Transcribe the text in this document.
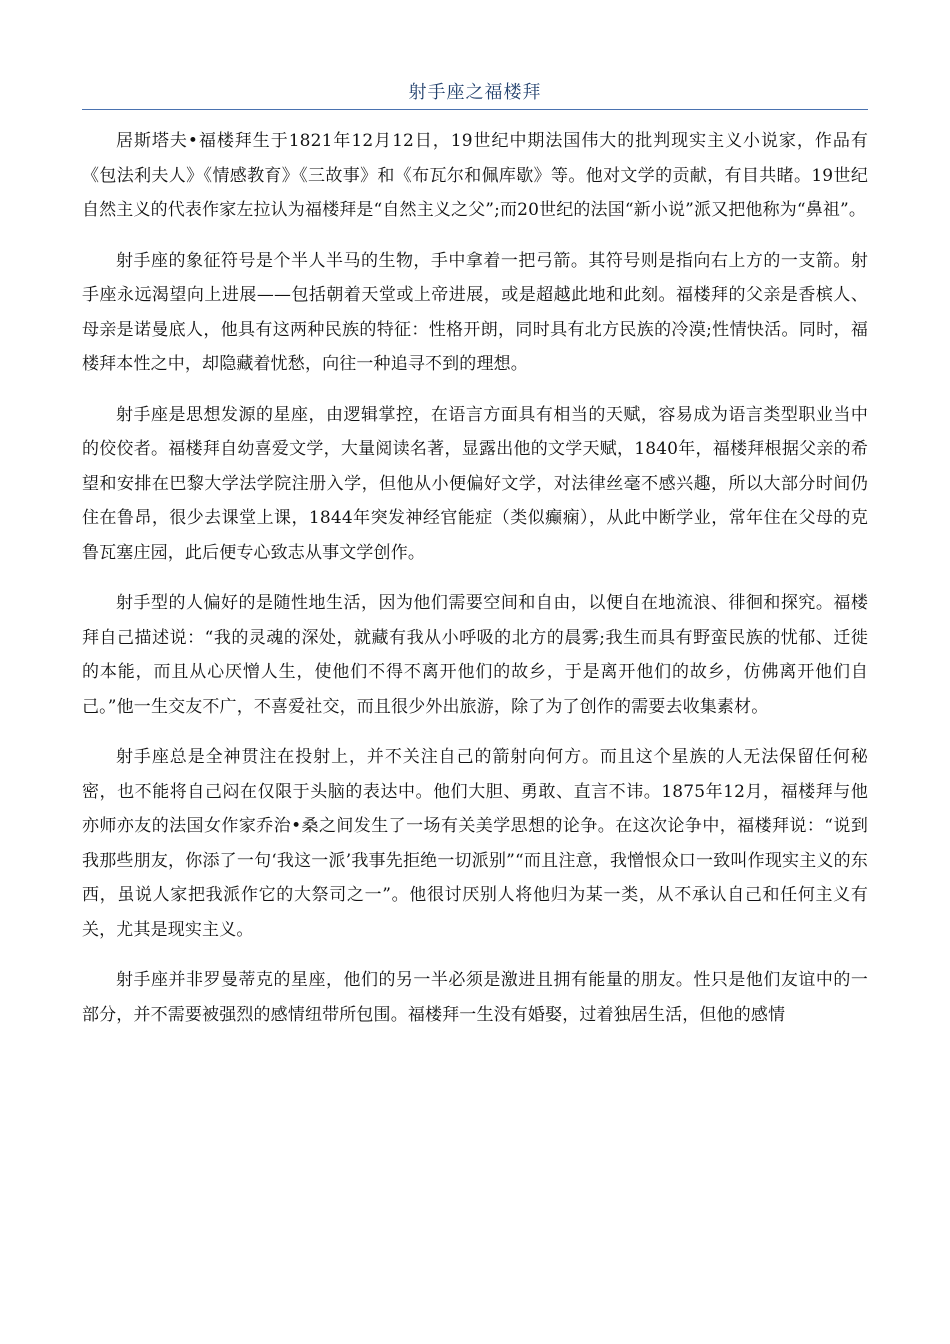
射手座之福楼拜

居斯塔夫•福楼拜生于1821年12月12日，19世纪中期法国伟大的批判现实主义小说家，作品有《包法利夫人》《情感教育》《三故事》和《布瓦尔和佩库歇》等。他对文学的贡献，有目共睹。19世纪自然主义的代表作家左拉认为福楼拜是“自然主义之父”;而20世纪的法国“新小说”派又把他称为“鼻祖”。

射手座的象征符号是个半人半马的生物，手中拿着一把弓箭。其符号则是指向右上方的一支箭。射手座永远渴望向上进展——包括朝着天堂或上帝进展，或是超越此地和此刻。福楼拜的父亲是香槟人、母亲是诺曼底人，他具有这两种民族的特征：性格开朗，同时具有北方民族的冷漠;性情快活。同时，福楼拜本性之中，却隐藏着忧愁，向往一种追寻不到的理想。

射手座是思想发源的星座，由逻辑掌控，在语言方面具有相当的天赋，容易成为语言类型职业当中的佼佼者。福楼拜自幼喜爱文学，大量阅读名著，显露出他的文学天赋，1840年，福楼拜根据父亲的希望和安排在巴黎大学法学院注册入学，但他从小便偏好文学，对法律丝毫不感兴趣，所以大部分时间仍住在鲁昂，很少去课堂上课，1844年突发神经官能症（类似癫痫），从此中断学业，常年住在父母的克鲁瓦塞庄园，此后便专心致志从事文学创作。

射手型的人偏好的是随性地生活，因为他们需要空间和自由，以便自在地流浪、徘徊和探究。福楼拜自己描述说：“我的灵魂的深处，就藏有我从小呼吸的北方的晨雾;我生而具有野蛮民族的忧郁、迁徙的本能，而且从心厌憎人生，使他们不得不离开他们的故乡，于是离开他们的故乡，仿佛离开他们自己。”他一生交友不广，不喜爱社交，而且很少外出旅游，除了为了创作的需要去收集素材。

射手座总是全神贯注在投射上，并不关注自己的箭射向何方。而且这个星族的人无法保留任何秘密，也不能将自己闷在仅限于头脑的表达中。他们大胆、勇敢、直言不讳。1875年12月，福楼拜与他亦师亦友的法国女作家乔治•桑之间发生了一场有关美学思想的论争。在这次论争中，福楼拜说：“说到我那些朋友，你添了一句‘我这一派’我事先拒绝一切派别”“而且注意，我憎恨众口一致叫作现实主义的东西，虽说人家把我派作它的大祭司之一”。他很讨厌别人将他归为某一类，从不承认自己和任何主义有关，尤其是现实主义。

射手座并非罗曼蒂克的星座，他们的另一半必须是激进且拥有能量的朋友。性只是他们友谊中的一部分，并不需要被强烈的感情纽带所包围。福楼拜一生没有婚娶，过着独居生活，但他的感情
